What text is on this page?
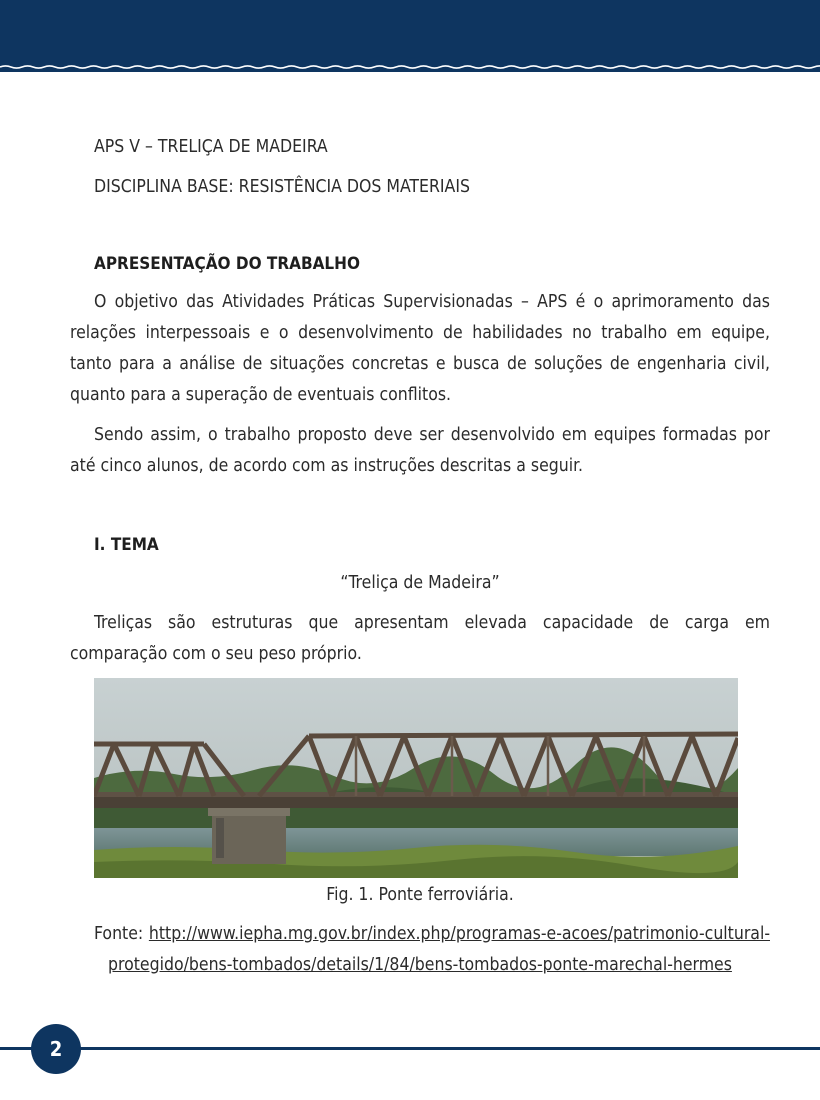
APS V – TRELIÇA DE MADEIRA

DISCIPLINA BASE: RESISTÊNCIA DOS MATERIAIS

APRESENTAÇÃO DO TRABALHO

O objetivo das Atividades Práticas Supervisionadas – APS é o aprimoramento das relações interpessoais e o desenvolvimento de habilidades no trabalho em equipe, tanto para a análise de situações concretas e busca de soluções de engenharia civil, quanto para a superação de eventuais conflitos.

Sendo assim, o trabalho proposto deve ser desenvolvido em equipes formadas por até cinco alunos, de acordo com as instruções descritas a seguir.

I. TEMA

“Treliça de Madeira”

Treliças são estruturas que apresentam elevada capacidade de carga em comparação com o seu peso próprio.

Fig. 1. Ponte ferroviária.

Fonte: http://www.iepha.mg.gov.br/index.php/programas-e-acoes/patrimonio-cultural-protegido/bens-tombados/details/1/84/bens-tombados-ponte-marechal-hermes

2
